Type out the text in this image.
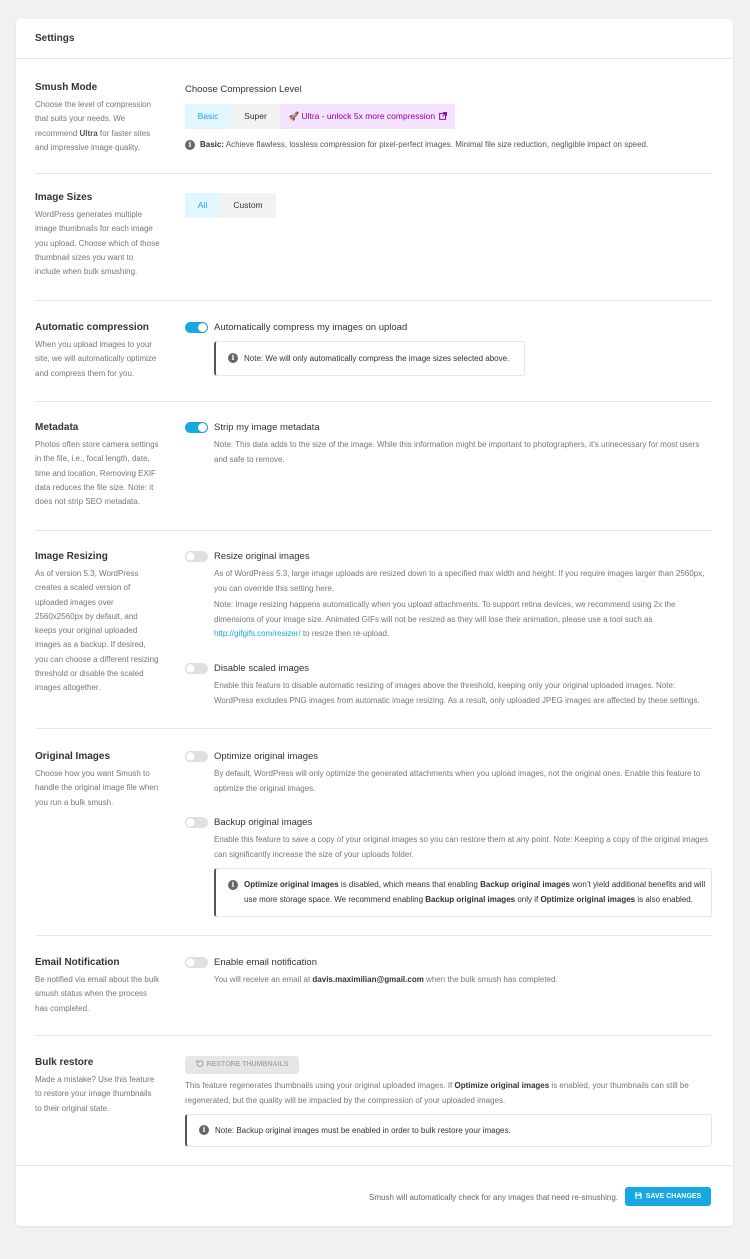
Settings
Smush Mode
Choose the level of compression that suits your needs. We recommend Ultra for faster sites and impressive image quality.
Choose Compression Level
Basic	Super	🚀 Ultra - unlock 5x more compression
i	Basic: Achieve flawless, lossless compression for pixel-perfect images. Minimal file size reduction, negligible impact on speed.
Image Sizes
WordPress generates multiple image thumbnails for each image you upload. Choose which of those thumbnail sizes you want to include when bulk smushing.
All	Custom
Automatic compression
When you upload images to your site, we will automatically optimize and compress them for you.
Automatically compress my images on upload
i	Note: We will only automatically compress the image sizes selected above.
Metadata
Photos often store camera settings in the file, i.e., focal length, date, time and location. Removing EXIF data reduces the file size. Note: it does not strip SEO metadata.
Strip my image metadata
Note: This data adds to the size of the image. While this information might be important to photographers, it’s unnecessary for most users and safe to remove.
Image Resizing
As of version 5.3, WordPress creates a scaled version of uploaded images over 2560x2560px by default, and keeps your original uploaded images as a backup. If desired, you can choose a different resizing threshold or disable the scaled images altogether.
Resize original images
As of WordPress 5.3, large image uploads are resized down to a specified max width and height. If you require images larger than 2560px, you can override this setting here.
Note: Image resizing happens automatically when you upload attachments. To support retina devices, we recommend using 2x the dimensions of your image size. Animated GIFs will not be resized as they will lose their animation, please use a tool such as http://gifgifs.com/resizer/ to resize then re-upload.
Disable scaled images
Enable this feature to disable automatic resizing of images above the threshold, keeping only your original uploaded images. Note: WordPress excludes PNG images from automatic image resizing. As a result, only uploaded JPEG images are affected by these settings.
Original Images
Choose how you want Smush to handle the original image file when you run a bulk smush.
Optimize original images
By default, WordPress will only optimize the generated attachments when you upload images, not the original ones. Enable this feature to optimize the original images.
Backup original images
Enable this feature to save a copy of your original images so you can restore them at any point. Note: Keeping a copy of the original images can significantly increase the size of your uploads folder.
i	Optimize original images is disabled, which means that enabling Backup original images won’t yield additional benefits and will use more storage space. We recommend enabling Backup original images only if Optimize original images is also enabled.
Email Notification
Be notified via email about the bulk smush status when the process has completed.
Enable email notification
You will receive an email at davis.maximilian@gmail.com when the bulk smush has completed.
Bulk restore
Made a mistake? Use this feature to restore your image thumbnails to their original state.
RESTORE THUMBNAILS
This feature regenerates thumbnails using your original uploaded images. If Optimize original images is enabled, your thumbnails can still be regenerated, but the quality will be impacted by the compression of your uploaded images.
i	Note: Backup original images must be enabled in order to bulk restore your images.
Smush will automatically check for any images that need re-smushing.	SAVE CHANGES
